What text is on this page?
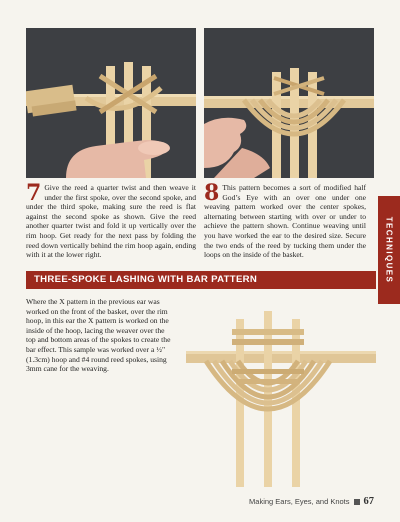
7 Give the reed a quarter twist and then weave it under the first spoke, over the second spoke, and under the third spoke, making sure the reed is flat against the second spoke as shown. Give the reed another quarter twist and fold it up vertically over the rim hoop. Get ready for the next pass by folding the reed down vertically behind the rim hoop again, ending with it at the lower right.
8 This pattern becomes a sort of modified half God’s Eye with an over one under one weaving pattern worked over the center spokes, alternating between starting with over or under to achieve the pattern shown. Continue weaving until you have worked the ear to the desired size. Secure the two ends of the reed by tucking them under the loops on the inside of the basket.	TECHNIQUES
THREE-SPOKE LASHING WITH BAR PATTERN
Where the X pattern in the previous ear was worked on the front of the basket, over the rim hoop, in this ear the X pattern is worked on the inside of the hoop, lacing the weaver over the top and bottom areas of the spokes to create the bar effect. This sample was worked over a ½" (1.3cm) hoop and #4 round reed spokes, using 3mm cane for the weaving.
Making Ears, Eyes, and Knots 67
